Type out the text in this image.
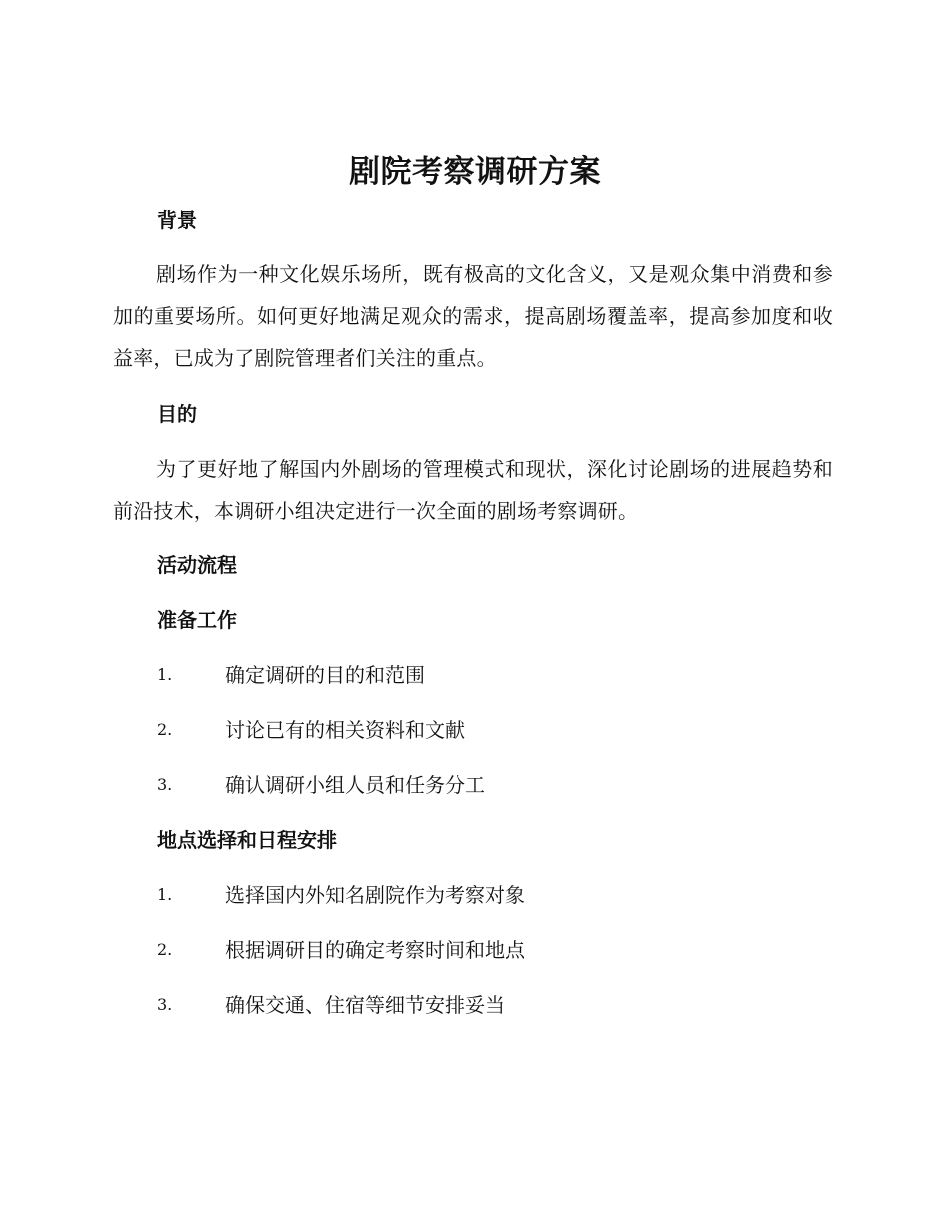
剧院考察调研方案
背景

剧场作为一种文化娱乐场所，既有极高的文化含义，又是观众集中消费和参加的重要场所。如何更好地满足观众的需求，提高剧场覆盖率，提高参加度和收益率，已成为了剧院管理者们关注的重点。

目的

为了更好地了解国内外剧场的管理模式和现状，深化讨论剧场的进展趋势和前沿技术，本调研小组决定进行一次全面的剧场考察调研。

活动流程
准备工作
1.	确定调研的目的和范围
2.	讨论已有的相关资料和文献
3.	确认调研小组人员和任务分工
地点选择和日程安排
1.	选择国内外知名剧院作为考察对象
2.	根据调研目的确定考察时间和地点
3.	确保交通、住宿等细节安排妥当
